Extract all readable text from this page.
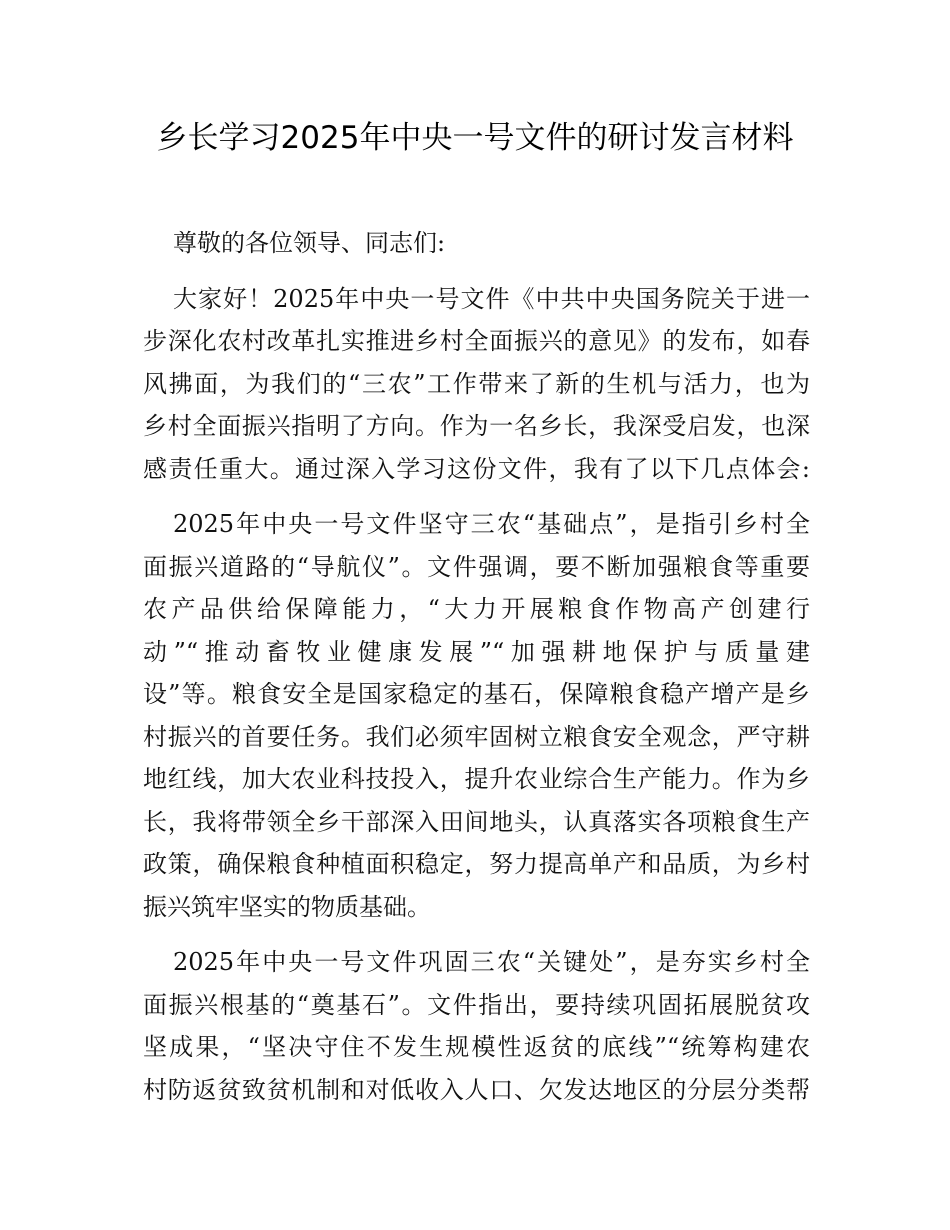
乡长学习2025年中央一号文件的研讨发言材料
尊敬的各位领导、同志们:
大家好！2025年中央一号文件《中共中央国务院关于进一
步深化农村改革扎实推进乡村全面振兴的意见》的发布，如春
风拂面，为我们的“三农”工作带来了新的生机与活力，也为
乡村全面振兴指明了方向。作为一名乡长，我深受启发，也深
感责任重大。通过深入学习这份文件，我有了以下几点体会:
2025年中央一号文件坚守三农“基础点”，是指引乡村全
面振兴道路的“导航仪”。文件强调，要不断加强粮食等重要
农产品供给保障能力，“大力开展粮食作物高产创建行
动”“推动畜牧业健康发展”“加强耕地保护与质量建
设”等。粮食安全是国家稳定的基石，保障粮食稳产增产是乡
村振兴的首要任务。我们必须牢固树立粮食安全观念，严守耕
地红线，加大农业科技投入，提升农业综合生产能力。作为乡
长，我将带领全乡干部深入田间地头，认真落实各项粮食生产
政策，确保粮食种植面积稳定，努力提高单产和品质，为乡村
振兴筑牢坚实的物质基础。
2025年中央一号文件巩固三农“关键处”，是夯实乡村全
面振兴根基的“奠基石”。文件指出，要持续巩固拓展脱贫攻
坚成果，“坚决守住不发生规模性返贫的底线”“统筹构建农
村防返贫致贫机制和对低收入人口、欠发达地区的分层分类帮
